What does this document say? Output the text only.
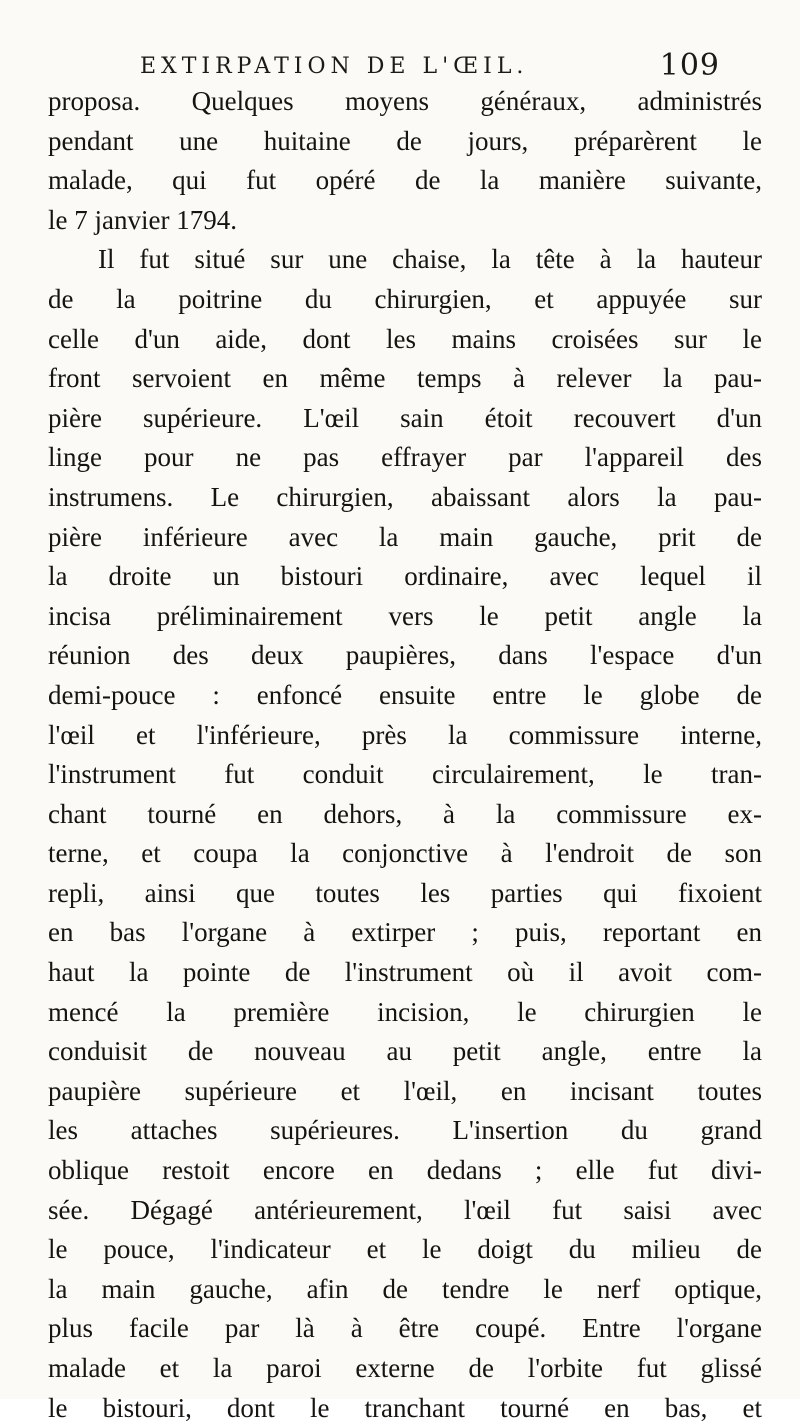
EXTIRPATION DE L'ŒIL.	109
proposa. Quelques moyens généraux, administrés
pendant une huitaine de jours, préparèrent le
malade, qui fut opéré de la manière suivante,
le 7 janvier 1794.
Il fut situé sur une chaise, la tête à la hauteur
de la poitrine du chirurgien, et appuyée sur
celle d'un aide, dont les mains croisées sur le
front servoient en même temps à relever la pau-
pière supérieure. L'œil sain étoit recouvert d'un
linge pour ne pas effrayer par l'appareil des
instrumens. Le chirurgien, abaissant alors la pau-
pière inférieure avec la main gauche, prit de
la droite un bistouri ordinaire, avec lequel il
incisa préliminairement vers le petit angle la
réunion des deux paupières, dans l'espace d'un
demi-pouce : enfoncé ensuite entre le globe de
l'œil et l'inférieure, près la commissure interne,
l'instrument fut conduit circulairement, le tran-
chant tourné en dehors, à la commissure ex-
terne, et coupa la conjonctive à l'endroit de son
repli, ainsi que toutes les parties qui fixoient
en bas l'organe à extirper ; puis, reportant en
haut la pointe de l'instrument où il avoit com-
mencé la première incision, le chirurgien le
conduisit de nouveau au petit angle, entre la
paupière supérieure et l'œil, en incisant toutes
les attaches supérieures. L'insertion du grand
oblique restoit encore en dedans ; elle fut divi-
sée. Dégagé antérieurement, l'œil fut saisi avec
le pouce, l'indicateur et le doigt du milieu de
la main gauche, afin de tendre le nerf optique,
plus facile par là à être coupé. Entre l'organe
malade et la paroi externe de l'orbite fut glissé
le bistouri, dont le tranchant tourné en bas, et
